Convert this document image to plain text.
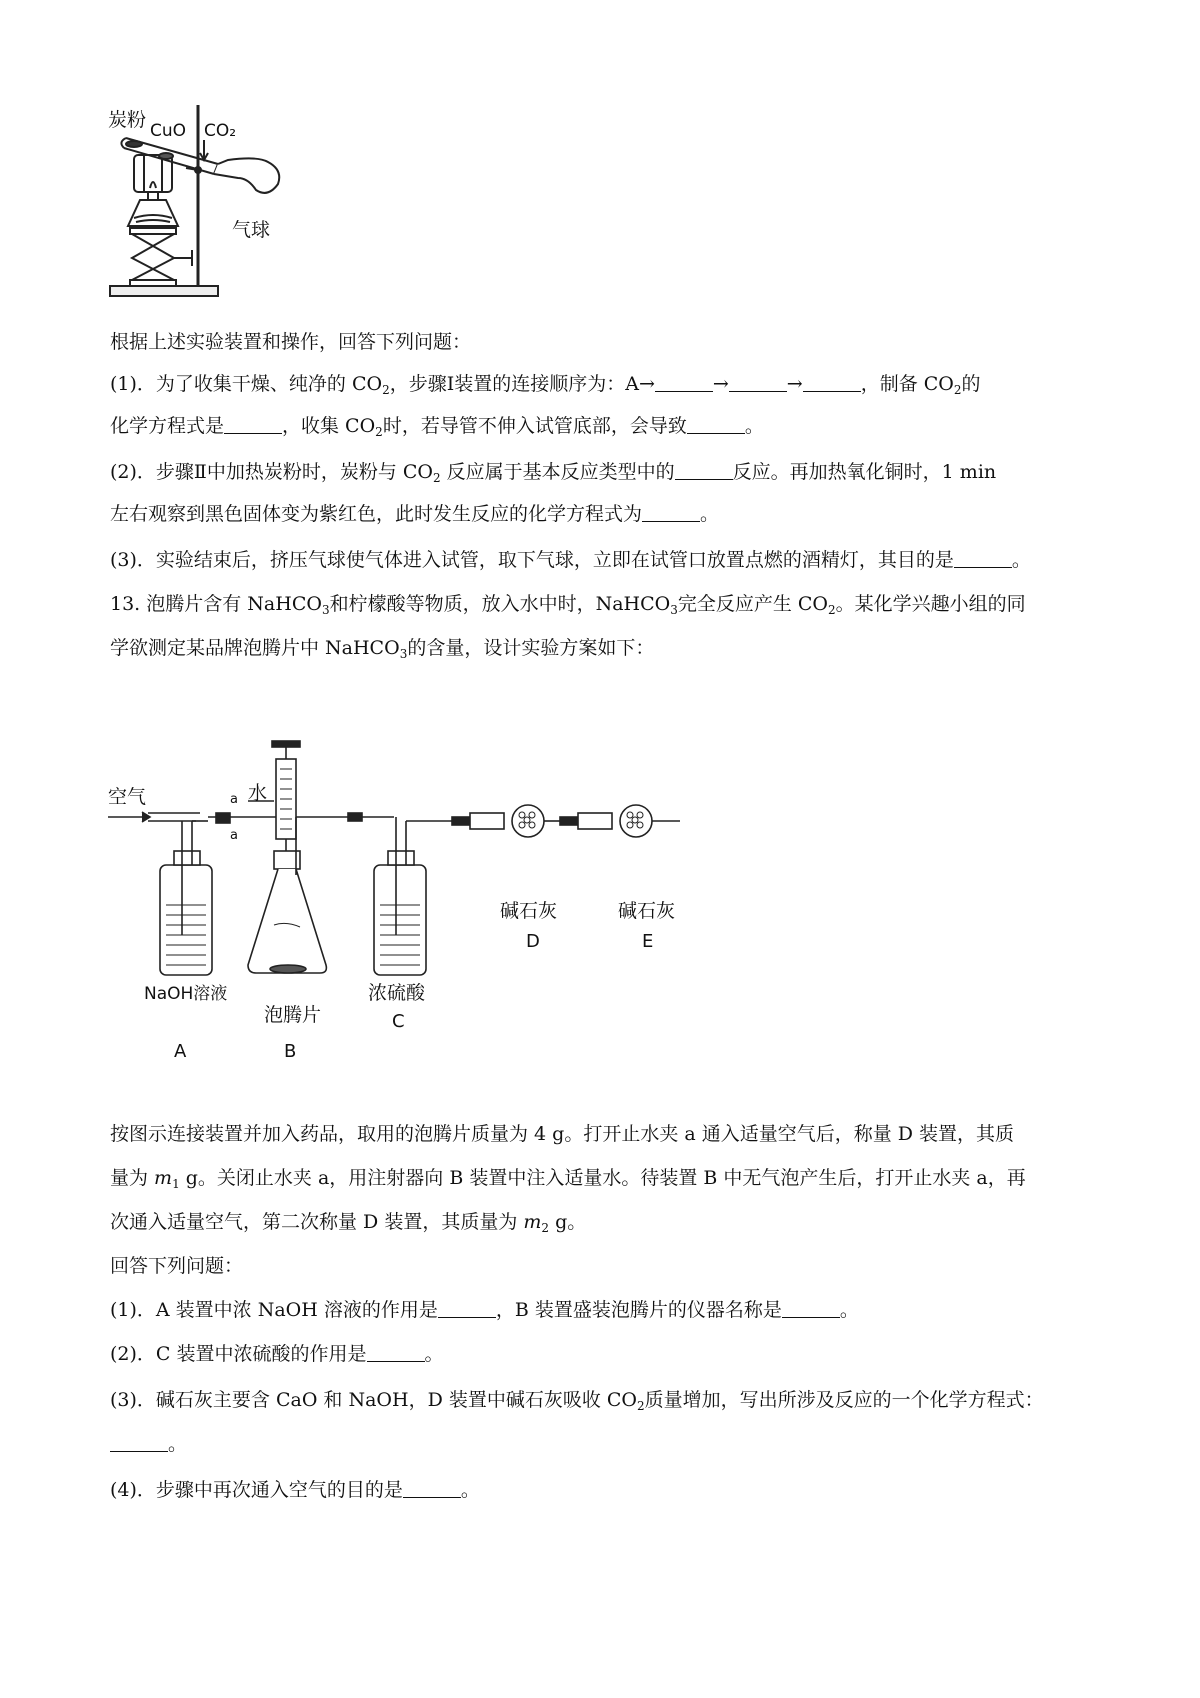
炭粉 CuO CO₂
气球
根据上述实验装置和操作，回答下列问题：
(1)．为了收集干燥、纯净的 $CO_2$，步骤Ⅰ装置的连接顺序为：A→	→	→	，制备 $CO_2$的
化学方程式是	，收集 $CO_2$时，若导管不伸入试管底部，会导致	。
(2)．步骤Ⅱ中加热炭粉时，炭粉与 $CO_2$ 反应属于基本反应类型中的	反应。再加热氧化铜时，1 min
左右观察到黑色固体变为紫红色，此时发生反应的化学方程式为	。
(3)．实验结束后，挤压气球使气体进入试管，取下气球，立即在试管口放置点燃的酒精灯，其目的是	。
13. 泡腾片含有 NaHCO$_3$和柠檬酸等物质，放入水中时，NaHCO$_3$完全反应产生 $CO_2$。某化学兴趣小组的同
学欲测定某品牌泡腾片中 NaHCO$_3$的含量，设计实验方案如下：
空气	水
a
a
NaOH溶液
泡腾片
浓硫酸
碱石灰	碱石灰
A	B
C
D	E
按图示连接装置并加入药品，取用的泡腾片质量为 4 g。打开止水夹 a 通入适量空气后，称量 D 装置，其质
量为 $m_1$ g。关闭止水夹 a，用注射器向 B 装置中注入适量水。待装置 B 中无气泡产生后，打开止水夹 a，再
次通入适量空气，第二次称量 D 装置，其质量为 $m_2$ g。
回答下列问题：
(1)．A 装置中浓 NaOH 溶液的作用是	，B 装置盛装泡腾片的仪器名称是	。
(2)．C 装置中浓硫酸的作用是	。
(3)．碱石灰主要含 CaO 和 NaOH，D 装置中碱石灰吸收 $CO_2$质量增加，写出所涉及反应的一个化学方程式：
。
(4)．步骤中再次通入空气的目的是	。
